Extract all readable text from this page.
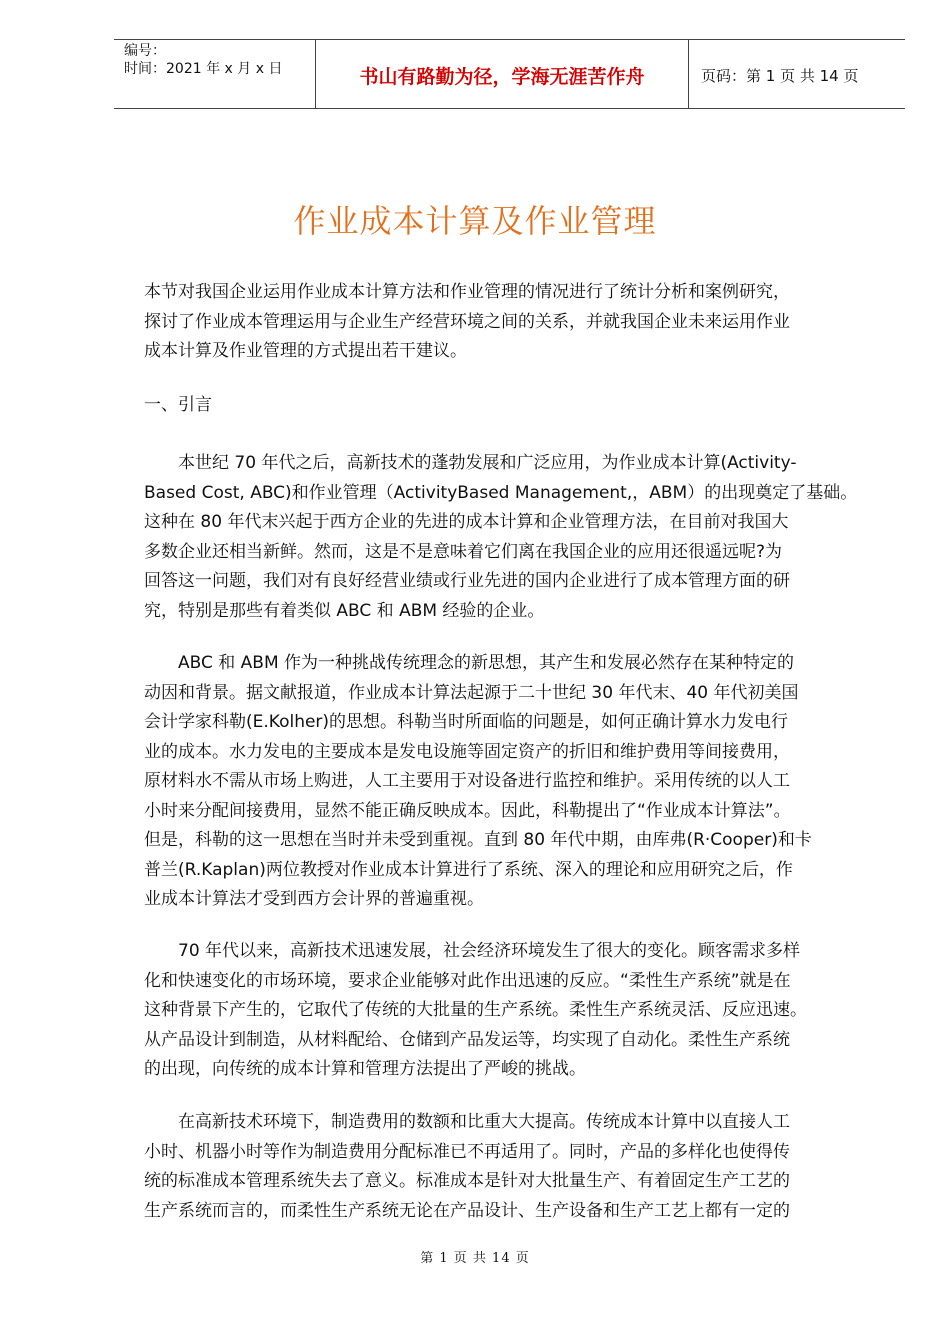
编号：
时间：2021 年 x 月 x 日	书山有路勤为径，学海无涯苦作舟	页码：第 1 页 共 14 页
作业成本计算及作业管理
本节对我国企业运用作业成本计算方法和作业管理的情况进行了统计分析和案例研究，
探讨了作业成本管理运用与企业生产经营环境之间的关系，并就我国企业未来运用作业
成本计算及作业管理的方式提出若干建议。
一、引言
　　本世纪 70 年代之后，高新技术的蓬勃发展和广泛应用，为作业成本计算(Activity-
Based Cost, ABC)和作业管理（ActivityBased Management,，ABM）的出现奠定了基础。
这种在 80 年代末兴起于西方企业的先进的成本计算和企业管理方法，在目前对我国大
多数企业还相当新鲜。然而，这是不是意味着它们离在我国企业的应用还很遥远呢?为
回答这一问题，我们对有良好经营业绩或行业先进的国内企业进行了成本管理方面的研
究，特别是那些有着类似 ABC 和 ABM 经验的企业。
　　ABC 和 ABM 作为一种挑战传统理念的新思想，其产生和发展必然存在某种特定的
动因和背景。据文献报道，作业成本计算法起源于二十世纪 30 年代末、40 年代初美国
会计学家科勒(E.Kolher)的思想。科勒当时所面临的问题是，如何正确计算水力发电行
业的成本。水力发电的主要成本是发电设施等固定资产的折旧和维护费用等间接费用，
原材料水不需从市场上购进，人工主要用于对设备进行监控和维护。采用传统的以人工
小时来分配间接费用，显然不能正确反映成本。因此，科勒提出了“作业成本计算法”。
但是，科勒的这一思想在当时并未受到重视。直到 80 年代中期，由库弗(R·Cooper)和卡
普兰(R.Kaplan)两位教授对作业成本计算进行了系统、深入的理论和应用研究之后，作
业成本计算法才受到西方会计界的普遍重视。
　　70 年代以来，高新技术迅速发展，社会经济环境发生了很大的变化。顾客需求多样
化和快速变化的市场环境，要求企业能够对此作出迅速的反应。“柔性生产系统”就是在
这种背景下产生的，它取代了传统的大批量的生产系统。柔性生产系统灵活、反应迅速。
从产品设计到制造，从材料配给、仓储到产品发运等，均实现了自动化。柔性生产系统
的出现，向传统的成本计算和管理方法提出了严峻的挑战。
　　在高新技术环境下，制造费用的数额和比重大大提高。传统成本计算中以直接人工
小时、机器小时等作为制造费用分配标准已不再适用了。同时，产品的多样化也使得传
统的标准成本管理系统失去了意义。标准成本是针对大批量生产、有着固定生产工艺的
生产系统而言的，而柔性生产系统无论在产品设计、生产设备和生产工艺上都有一定的
第 1 页 共 14 页
